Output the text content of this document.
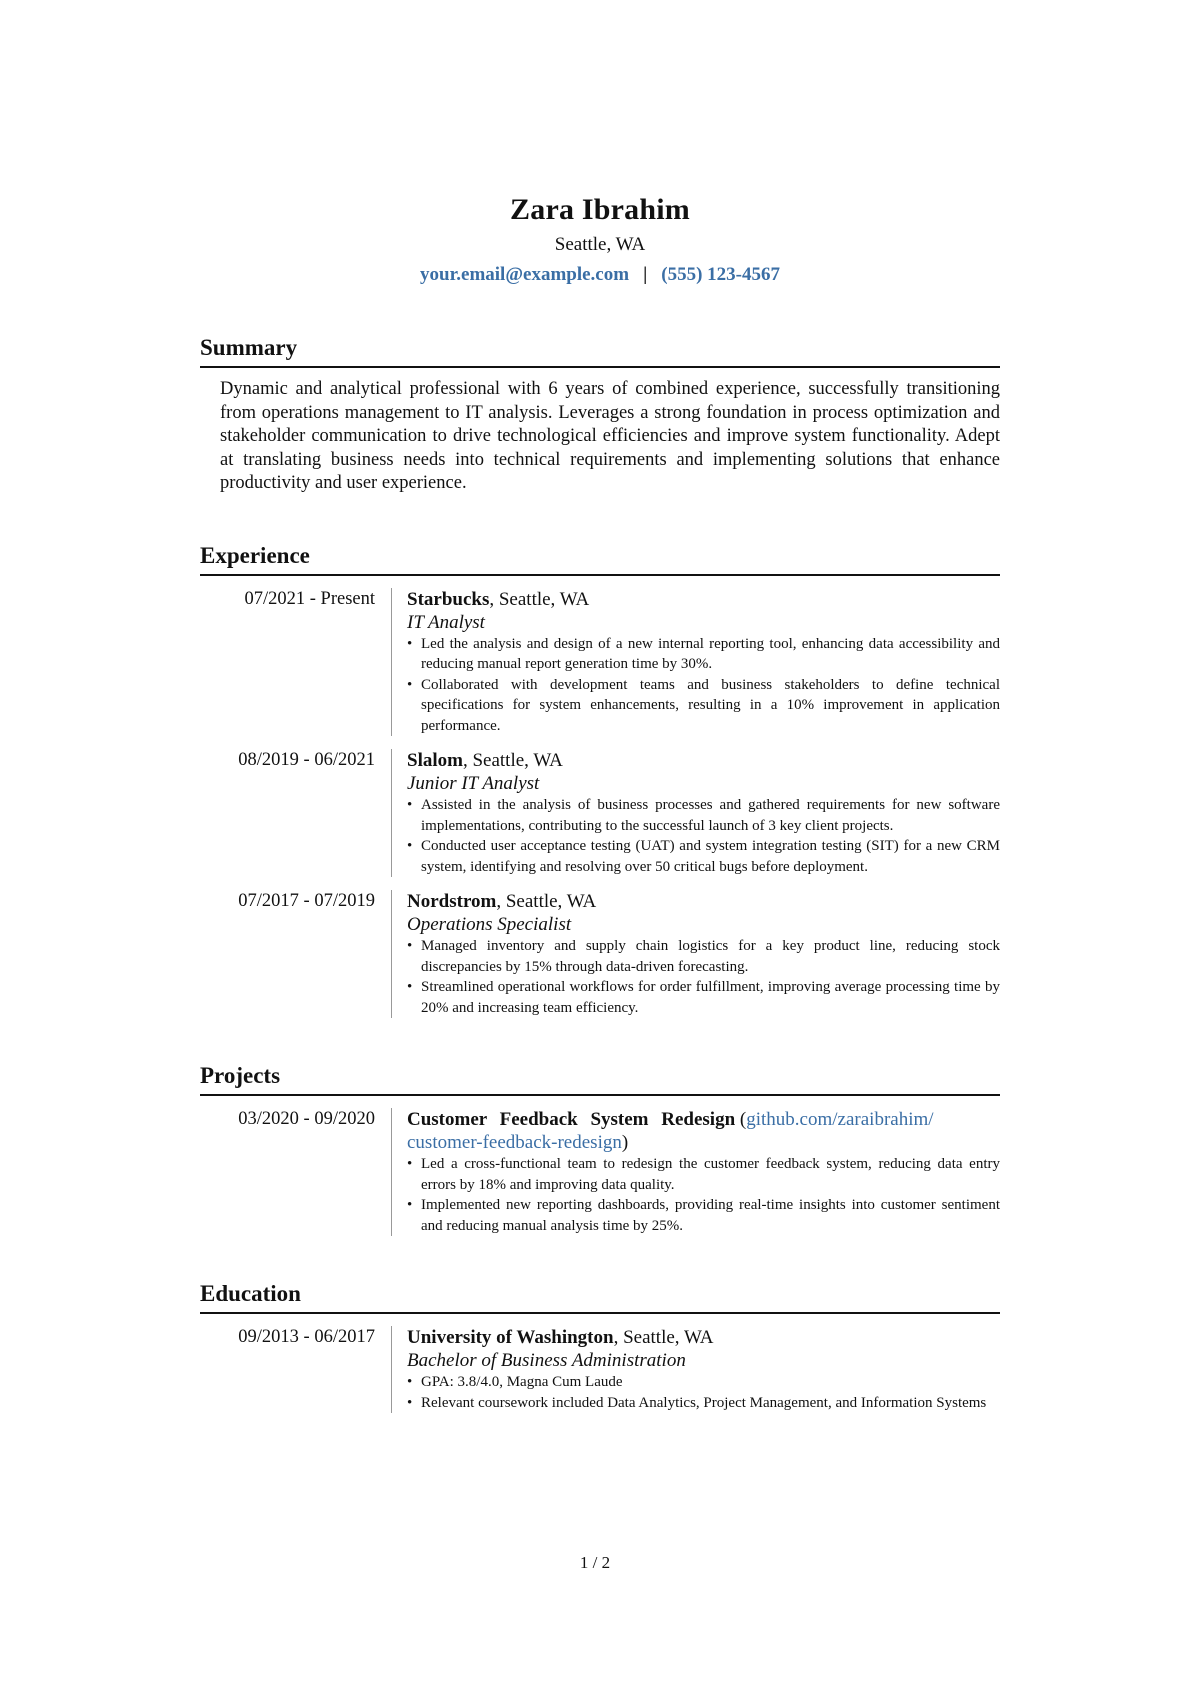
Zara Ibrahim
Seattle, WA
your.email@example.com | (555) 123-4567
Summary

Dynamic and analytical professional with 6 years of combined experience, successfully transitioning from operations management to IT analysis. Leverages a strong foundation in process optimization and stakeholder communication to drive technological efficiencies and improve system functionality. Adept at translating business needs into technical requirements and implementing solutions that enhance productivity and user experience.

Experience
07/2021 - Present	Starbucks, Seattle, WA
IT Analyst
• Led the analysis and design of a new internal reporting tool, enhancing data accessibility and reducing manual report generation time by 30%.
• Collaborated with development teams and business stakeholders to define technical specifications for system enhancements, resulting in a 10% improvement in application performance.
08/2019 - 06/2021	Slalom, Seattle, WA
Junior IT Analyst
• Assisted in the analysis of business processes and gathered requirements for new software implementations, contributing to the successful launch of 3 key client projects.
• Conducted user acceptance testing (UAT) and system integration testing (SIT) for a new CRM system, identifying and resolving over 50 critical bugs before deployment.
07/2017 - 07/2019	Nordstrom, Seattle, WA
Operations Specialist
• Managed inventory and supply chain logistics for a key product line, reducing stock discrepancies by 15% through data-driven forecasting.
• Streamlined operational workflows for order fulfillment, improving average processing time by 20% and increasing team efficiency.
Projects
03/2020 - 09/2020	Customer Feedback System Redesign (github.com/zaraibrahim/ customer-feedback-redesign)
• Led a cross-functional team to redesign the customer feedback system, reducing data entry errors by 18% and improving data quality.
• Implemented new reporting dashboards, providing real-time insights into customer sentiment and reducing manual analysis time by 25%.
Education
09/2013 - 06/2017	University of Washington, Seattle, WA
Bachelor of Business Administration
• GPA: 3.8/4.0, Magna Cum Laude
• Relevant coursework included Data Analytics, Project Management, and Information Systems
1 / 2
